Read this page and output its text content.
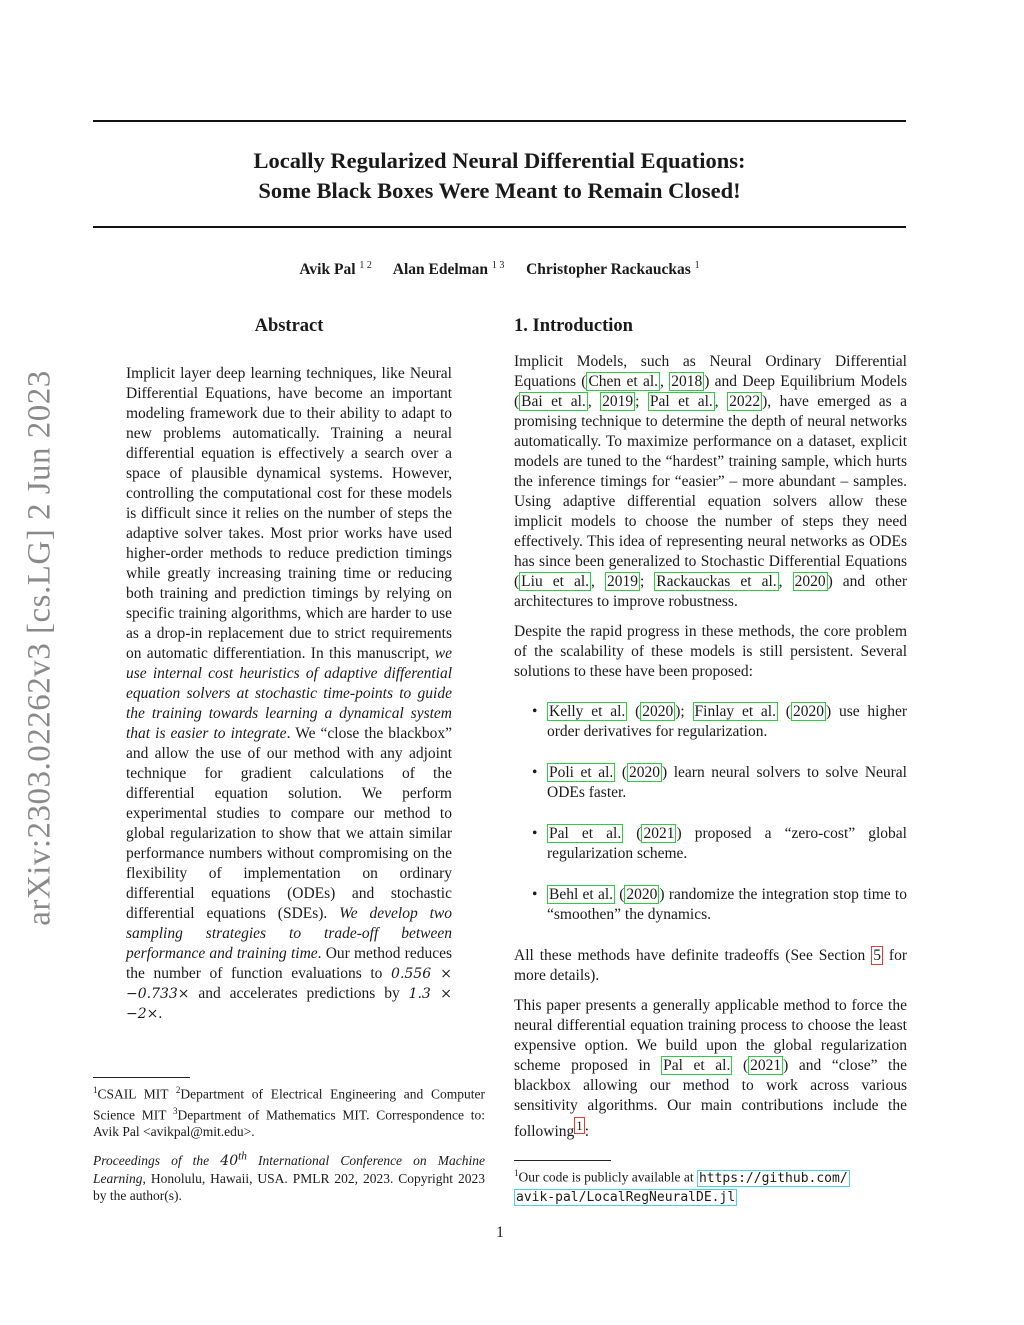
Locally Regularized Neural Differential Equations:
Some Black Boxes Were Meant to Remain Closed!
Avik Pal $^{1 2}$ Alan Edelman $^{1 3}$ Christopher Rackauckas $^1$
arXiv:2303.02262v3 [cs.LG] 2 Jun 2023
Abstract
Implicit layer deep learning techniques, like Neural Differential Equations, have become an important modeling framework due to their ability to adapt to new problems automatically. Training a neural differential equation is effectively a search over a space of plausible dynamical systems. However, controlling the computational cost for these models is difficult since it relies on the number of steps the adaptive solver takes. Most prior works have used higher-order methods to reduce prediction timings while greatly increasing training time or reducing both training and prediction timings by relying on specific training algorithms, which are harder to use as a drop-in replacement due to strict requirements on automatic differentiation. In this manuscript, we use internal cost heuristics of adaptive differential equation solvers at stochastic time-points to guide the training towards learning a dynamical system that is easier to integrate. We “close the blackbox” and allow the use of our method with any adjoint technique for gradient calculations of the differential equation solution. We perform experimental studies to compare our method to global regularization to show that we attain similar performance numbers without compromising on the flexibility of implementation on ordinary differential equations (ODEs) and stochastic differential equations (SDEs). We develop two sampling strategies to trade-off between performance and training time. Our method reduces the number of function evaluations to 0.556 × −0.733× and accelerates predictions by 1.3 × −2×.
$^1$CSAIL MIT $^2$Department of Electrical Engineering and Computer Science MIT $^3$Department of Mathematics MIT. Correspondence to: Avik Pal <avikpal@mit.edu>.
Proceedings of the 40th International Conference on Machine Learning, Honolulu, Hawaii, USA. PMLR 202, 2023. Copyright 2023 by the author(s).
1. Introduction

Implicit Models, such as Neural Ordinary Differential Equations ( Chen et al. , 2018 ) and Deep Equilibrium Models ( Bai et al. , 2019 ; Pal et al. , 2022 ), have emerged as a promising technique to determine the depth of neural networks automatically. To maximize performance on a dataset, explicit models are tuned to the “hardest” training sample, which hurts the inference timings for “easier” – more abundant – samples. Using adaptive differential equation solvers allow these implicit models to choose the number of steps they need effectively. This idea of representing neural networks as ODEs has since been generalized to Stochastic Differential Equations ( Liu et al. , 2019 ; Rackauckas et al. , 2020 ) and other architectures to improve robustness.

Despite the rapid progress in these methods, the core problem of the scalability of these models is still persistent. Several solutions to these have been proposed:

• Kelly et al. ( 2020 ); Finlay et al. ( 2020 ) use higher order derivatives for regularization.
• Poli et al. ( 2020 ) learn neural solvers to solve Neural ODEs faster.
• Pal et al. ( 2021 ) proposed a “zero-cost” global regularization scheme.
• Behl et al. ( 2020 ) randomize the integration stop time to “smoothen” the dynamics.

All these methods have definite tradeoffs (See Section 5 for more details).

This paper presents a generally applicable method to force the neural differential equation training process to choose the least expensive option. We build upon the global regularization scheme proposed in Pal et al. ( 2021 ) and “close” the blackbox allowing our method to work across various sensitivity algorithms. Our main contributions include the following $^1$ :

$^1$Our code is publicly available at https://github.com/
avik-pal/LocalRegNeuralDE.jl
1
